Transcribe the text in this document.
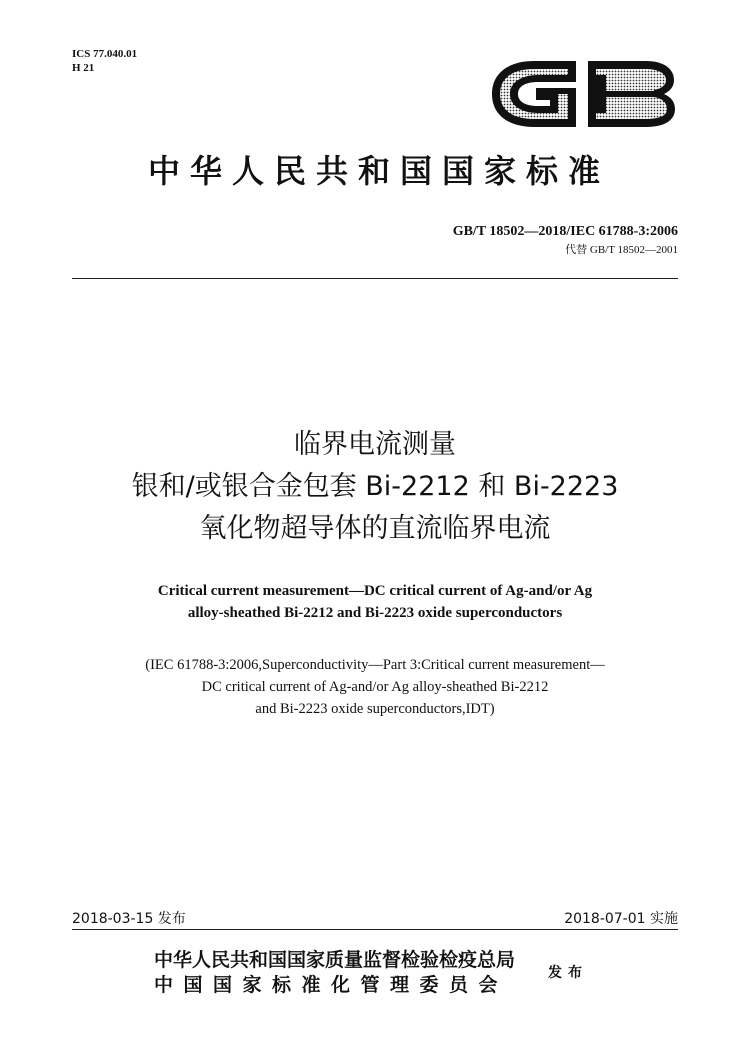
ICS 77.040.01
H 21
中华人民共和国国家标准
GB/T 18502—2018/IEC 61788-3:2006
代替 GB/T 18502—2001
临界电流测量
银和/或银合金包套 Bi-2212 和 Bi-2223
氧化物超导体的直流临界电流
Critical current measurement—DC critical current of Ag-and/or Ag
alloy-sheathed Bi-2212 and Bi-2223 oxide superconductors
(IEC 61788-3:2006,Superconductivity—Part 3:Critical current measurement—
DC critical current of Ag-and/or Ag alloy-sheathed Bi-2212
and Bi-2223 oxide superconductors,IDT)
2018-03-15 发布	2018-07-01 实施
中华人民共和国国家质量监督检验检疫总局
中国国家标准化管理委员会
发布
